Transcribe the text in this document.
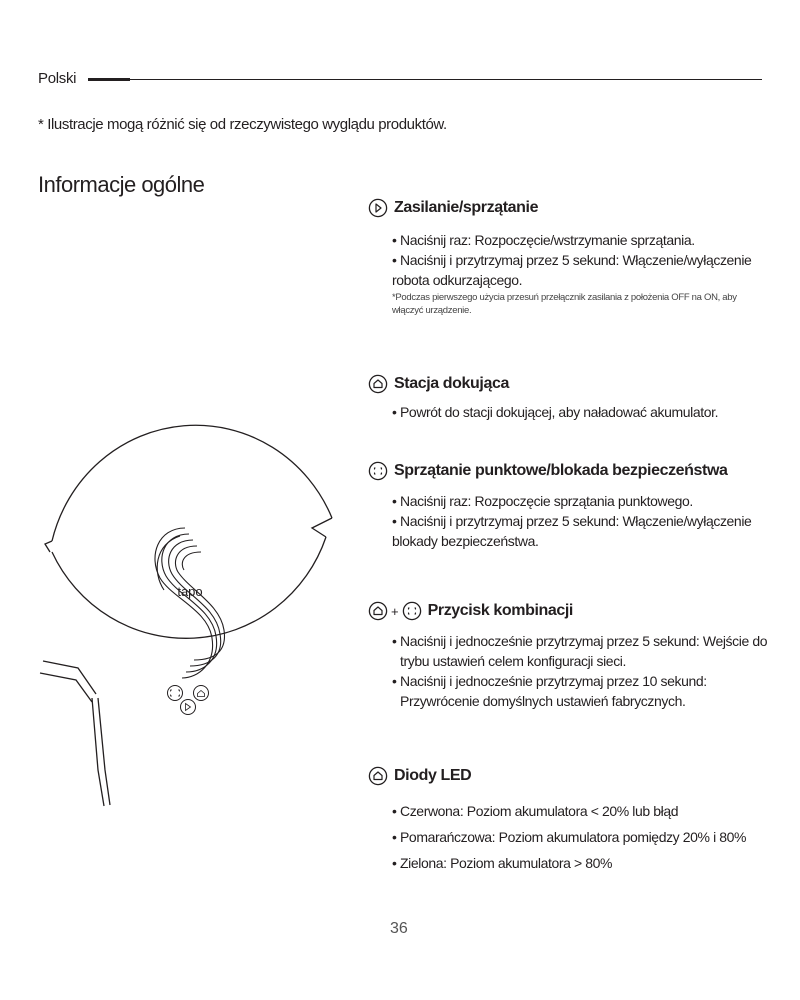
Polski
* Ilustracje mogą różnić się od rzeczywistego wyglądu produktów.
Informacje ogólne
tapo
Zasilanie/sprzątanie
• Naciśnij raz: Rozpoczęcie/wstrzymanie sprzątania.
• Naciśnij i przytrzymaj przez 5 sekund: Włączenie/wyłączenie robota odkurzającego.
*Podczas pierwszego użycia przesuń przełącznik zasilania z położenia OFF na ON, aby włączyć urządzenie.
Stacja dokująca
• Powrót do stacji dokującej, aby naładować akumulator.
Sprzątanie punktowe/blokada bezpieczeństwa
• Naciśnij raz: Rozpoczęcie sprzątania punktowego.
• Naciśnij i przytrzymaj przez 5 sekund: Włączenie/wyłączenie blokady bezpieczeństwa.
+ Przycisk kombinacji
• Naciśnij i jednocześnie przytrzymaj przez 5 sekund: Wejście do trybu ustawień celem konfiguracji sieci.
• Naciśnij i jednocześnie przytrzymaj przez 10 sekund: Przywrócenie domyślnych ustawień fabrycznych.
Diody LED
• Czerwona: Poziom akumulatora < 20% lub błąd
• Pomarańczowa: Poziom akumulatora pomiędzy 20% i 80%
• Zielona: Poziom akumulatora > 80%
36
